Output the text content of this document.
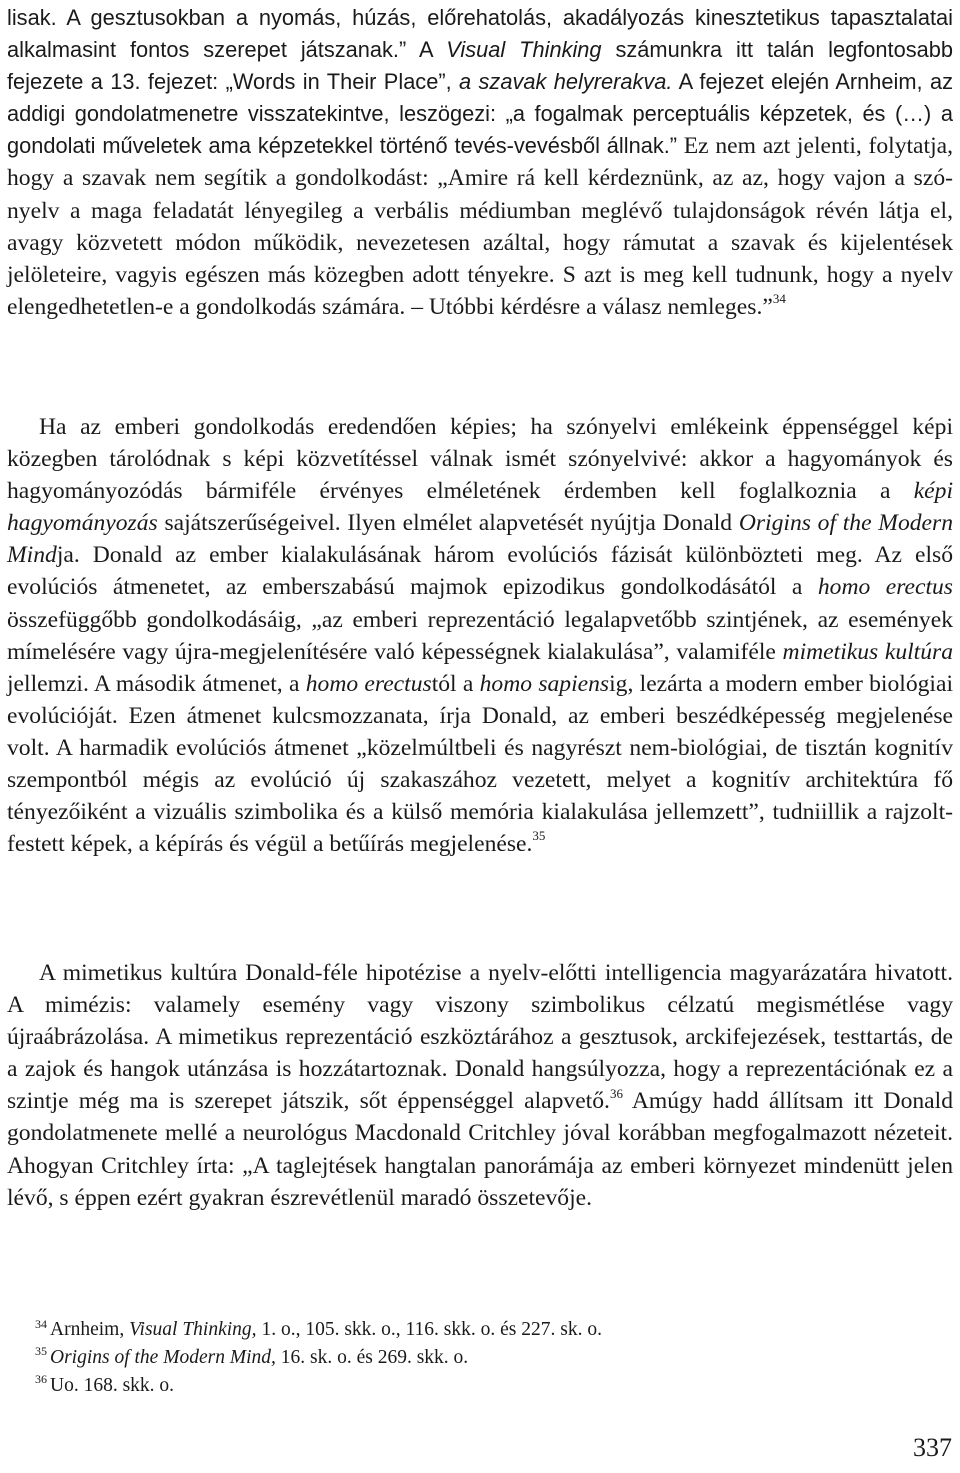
lisak. A gesztusokban a nyomás, húzás, előrehatolás, akadályozás kinesztetikus tapasztalatai alkalmasint fontos szerepet játszanak.” A Visual Thinking számunkra itt talán legfontosabb fejezete a 13. fejezet: „Words in Their Place”, a szavak helyrerakva. A fejezet elején Arnheim, az addigi gondolatmenetre visszatekintve, leszögezi: „a fogalmak perceptuális képzetek, és (…) a gondolati műveletek ama képzetekkel történő tevés-vevésből állnak.” Ez nem azt jelenti, folytatja, hogy a szavak nem segítik a gondolkodást: „Amire rá kell kérdeznünk, az az, hogy vajon a szónyelv a maga feladatát lényegileg a verbális médiumban meglévő tulajdonságok révén látja el, avagy közvetett módon működik, nevezetesen azáltal, hogy rámutat a szavak és kijelentések jelöleteire, vagyis egészen más közegben adott tényekre. S azt is meg kell tudnunk, hogy a nyelv elengedhetetlen-e a gondolkodás számára. – Utóbbi kérdésre a válasz nemleges.”$^{34}$

Ha az emberi gondolkodás eredendően képies; ha szónyelvi emlékeink éppenséggel képi közegben tárolódnak s képi közvetítéssel válnak ismét szónyelvivé: akkor a hagyományok és hagyományozódás bármiféle érvényes elméletének érdemben kell foglalkoznia a képi hagyományozás sajátszerűségeivel. Ilyen elmélet alapvetését nyújtja Donald Origins of the Modern Mindja. Donald az ember kialakulásának három evolúciós fázisát különbözteti meg. Az első evolúciós átmenetet, az emberszabású majmok epizodikus gondolkodásától a homo erectus összefüggőbb gondolkodásáig, „az emberi reprezentáció legalapvetőbb szintjének, az események mímelésére vagy újra-megjelenítésére való képességnek kialakulása”, valamiféle mimetikus kultúra jellemzi. A második átmenet, a homo erectustól a homo sapiensig, lezárta a modern ember biológiai evolúcióját. Ezen átmenet kulcsmozzanata, írja Donald, az emberi beszédképesség megjelenése volt. A harmadik evolúciós átmenet „közelmúltbeli és nagyrészt nem-biológiai, de tisztán kognitív szempontból mégis az evolúció új szakaszához vezetett, melyet a kognitív architektúra fő tényezőiként a vizuális szimbolika és a külső memória kialakulása jellemzett”, tudniillik a rajzolt-festett képek, a képírás és végül a betűírás megjelenése.$^{35}$

A mimetikus kultúra Donald-féle hipotézise a nyelv-előtti intelligencia magyarázatára hivatott. A mimézis: valamely esemény vagy viszony szimbolikus célzatú megismétlése vagy újraábrázolása. A mimetikus reprezentáció eszköztárához a gesztusok, arckifejezések, testtartás, de a zajok és hangok utánzása is hozzátartoznak. Donald hangsúlyozza, hogy a reprezentációnak ez a szintje még ma is szerepet játszik, sőt éppenséggel alapvető.$^{36}$ Amúgy hadd állítsam itt Donald gondolatmenete mellé a neurológus Macdonald Critchley jóval korábban megfogalmazott nézeteit. Ahogyan Critchley írta: „A taglejtések hangtalan panorámája az emberi környezet mindenütt jelen lévő, s éppen ezért gyakran észrevétlenül maradó összetevője.

$^{34}$ Arnheim, Visual Thinking, 1. o., 105. skk. o., 116. skk. o. és 227. sk. o.

$^{35}$ Origins of the Modern Mind, 16. sk. o. és 269. skk. o.

$^{36}$ Uo. 168. skk. o.

337
